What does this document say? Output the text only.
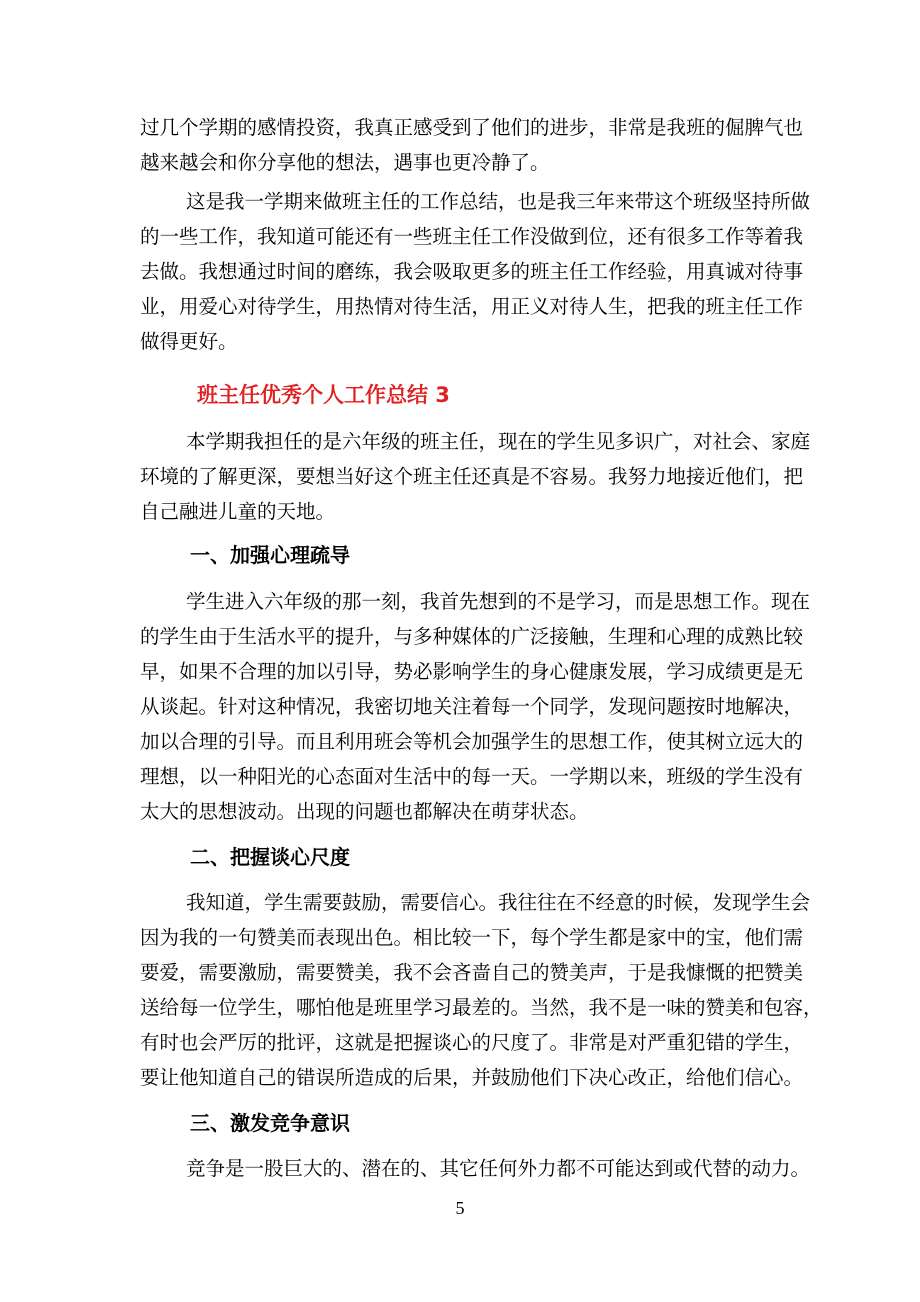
过几个学期的感情投资，我真正感受到了他们的进步，非常是我班的倔脾气也
越来越会和你分享他的想法，遇事也更冷静了。
这是我一学期来做班主任的工作总结，也是我三年来带这个班级坚持所做
的一些工作，我知道可能还有一些班主任工作没做到位，还有很多工作等着我
去做。我想通过时间的磨练，我会吸取更多的班主任工作经验，用真诚对待事
业，用爱心对待学生，用热情对待生活，用正义对待人生，把我的班主任工作
做得更好。
班主任优秀个人工作总结 3
本学期我担任的是六年级的班主任，现在的学生见多识广，对社会、家庭
环境的了解更深，要想当好这个班主任还真是不容易。我努力地接近他们，把
自己融进儿童的天地。
一、加强心理疏导
学生进入六年级的那一刻，我首先想到的不是学习，而是思想工作。现在
的学生由于生活水平的提升，与多种媒体的广泛接触，生理和心理的成熟比较
早，如果不合理的加以引导，势必影响学生的身心健康发展，学习成绩更是无
从谈起。针对这种情况，我密切地关注着每一个同学，发现问题按时地解决，
加以合理的引导。而且利用班会等机会加强学生的思想工作，使其树立远大的
理想，以一种阳光的心态面对生活中的每一天。一学期以来，班级的学生没有
太大的思想波动。出现的问题也都解决在萌芽状态。
二、把握谈心尺度
我知道，学生需要鼓励，需要信心。我往往在不经意的时候，发现学生会
因为我的一句赞美而表现出色。相比较一下，每个学生都是家中的宝，他们需
要爱，需要激励，需要赞美，我不会吝啬自己的赞美声，于是我慷慨的把赞美
送给每一位学生，哪怕他是班里学习最差的。当然，我不是一味的赞美和包容，
有时也会严厉的批评，这就是把握谈心的尺度了。非常是对严重犯错的学生，
要让他知道自己的错误所造成的后果，并鼓励他们下决心改正，给他们信心。
三、激发竞争意识
竞争是一股巨大的、潜在的、其它任何外力都不可能达到或代替的动力。
5
